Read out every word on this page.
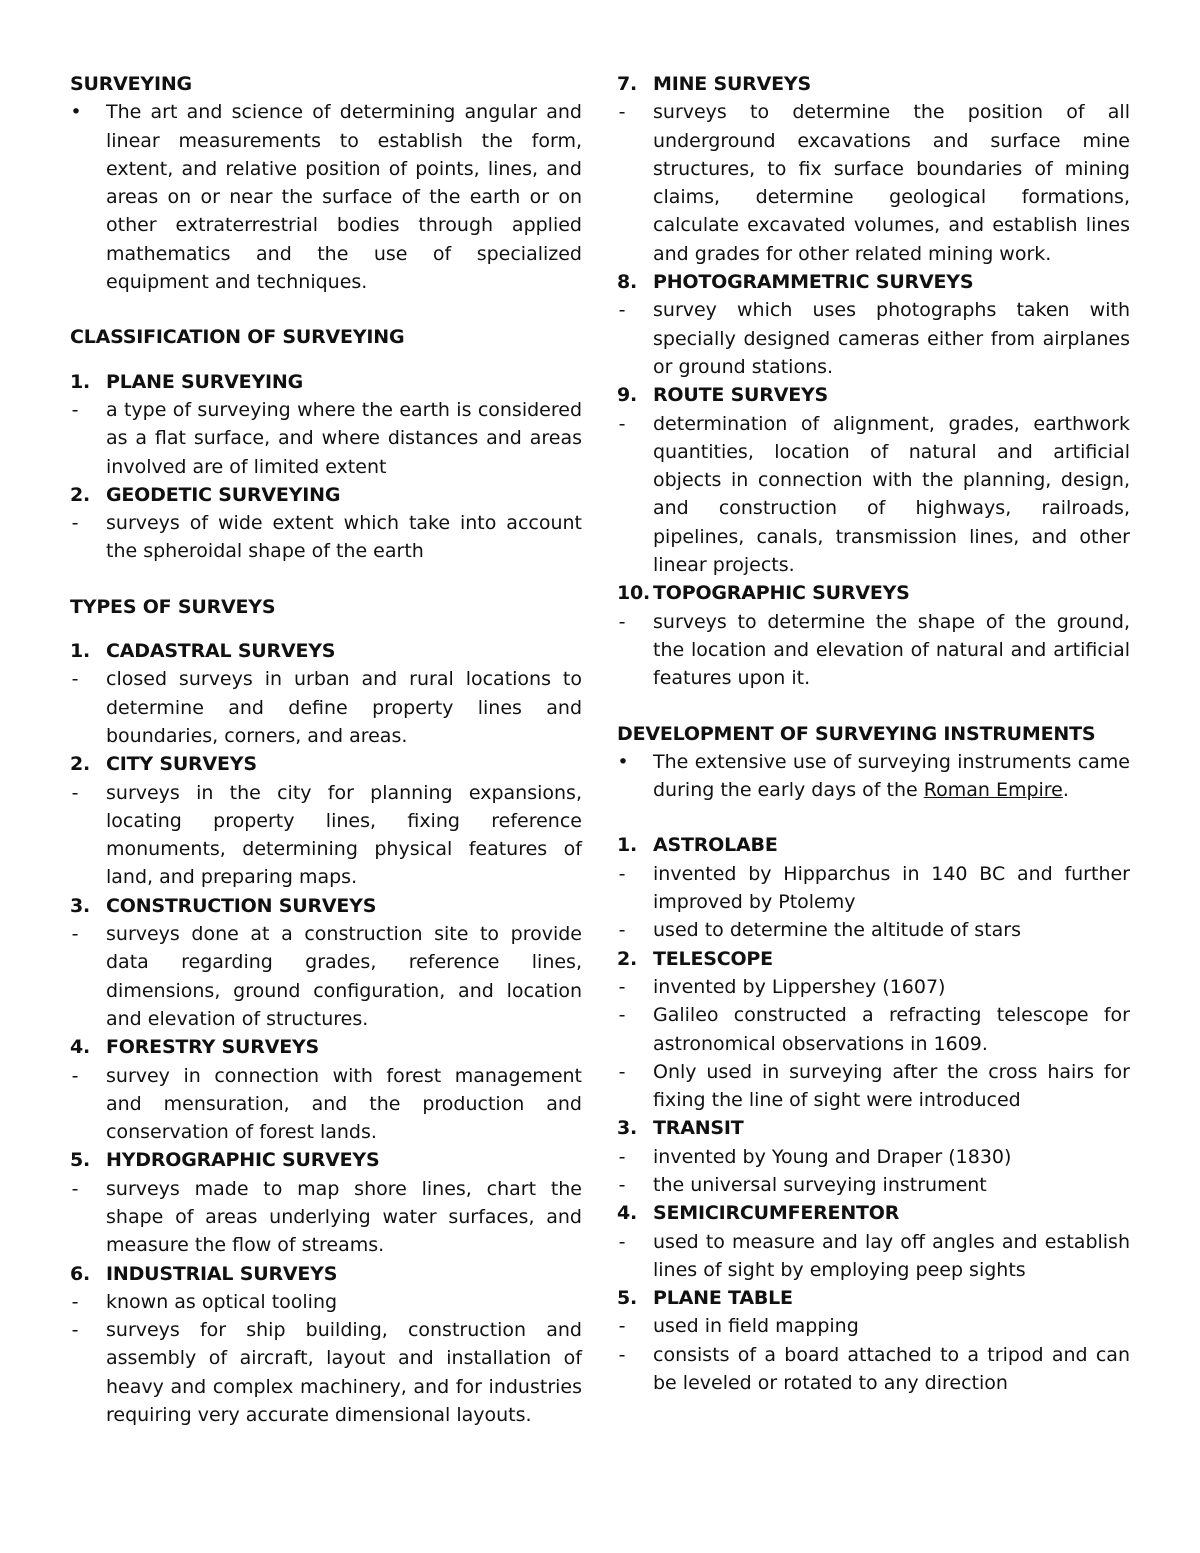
SURVEYING
• The art and science of determining angular and linear measurements to establish the form, extent, and relative position of points, lines, and areas on or near the surface of the earth or on other extraterrestrial bodies through applied mathematics and the use of specialized equipment and techniques.
CLASSIFICATION OF SURVEYING
1. PLANE SURVEYING
- a type of surveying where the earth is considered as a flat surface, and where distances and areas involved are of limited extent
2. GEODETIC SURVEYING
- surveys of wide extent which take into account the spheroidal shape of the earth
TYPES OF SURVEYS
1. CADASTRAL SURVEYS
- closed surveys in urban and rural locations to determine and define property lines and boundaries, corners, and areas.
2. CITY SURVEYS
- surveys in the city for planning expansions, locating property lines, fixing reference monuments, determining physical features of land, and preparing maps.
3. CONSTRUCTION SURVEYS
- surveys done at a construction site to provide data regarding grades, reference lines, dimensions, ground configuration, and location and elevation of structures.
4. FORESTRY SURVEYS
- survey in connection with forest management and mensuration, and the production and conservation of forest lands.
5. HYDROGRAPHIC SURVEYS
- surveys made to map shore lines, chart the shape of areas underlying water surfaces, and measure the flow of streams.
6. INDUSTRIAL SURVEYS
- known as optical tooling
- surveys for ship building, construction and assembly of aircraft, layout and installation of heavy and complex machinery, and for industries requiring very accurate dimensional layouts.
7. MINE SURVEYS
- surveys to determine the position of all underground excavations and surface mine structures, to fix surface boundaries of mining claims, determine geological formations, calculate excavated volumes, and establish lines and grades for other related mining work.
8. PHOTOGRAMMETRIC SURVEYS
- survey which uses photographs taken with specially designed cameras either from airplanes or ground stations.
9. ROUTE SURVEYS
- determination of alignment, grades, earthwork quantities, location of natural and artificial objects in connection with the planning, design, and construction of highways, railroads, pipelines, canals, transmission lines, and other linear projects.
10. TOPOGRAPHIC SURVEYS
- surveys to determine the shape of the ground, the location and elevation of natural and artificial features upon it.
DEVELOPMENT OF SURVEYING INSTRUMENTS
• The extensive use of surveying instruments came during the early days of the Roman Empire.
1. ASTROLABE
- invented by Hipparchus in 140 BC and further improved by Ptolemy
- used to determine the altitude of stars
2. TELESCOPE
- invented by Lippershey (1607)
- Galileo constructed a refracting telescope for astronomical observations in 1609.
- Only used in surveying after the cross hairs for fixing the line of sight were introduced
3. TRANSIT
- invented by Young and Draper (1830)
- the universal surveying instrument
4. SEMICIRCUMFERENTOR
- used to measure and lay off angles and establish lines of sight by employing peep sights
5. PLANE TABLE
- used in field mapping
- consists of a board attached to a tripod and can be leveled or rotated to any direction
